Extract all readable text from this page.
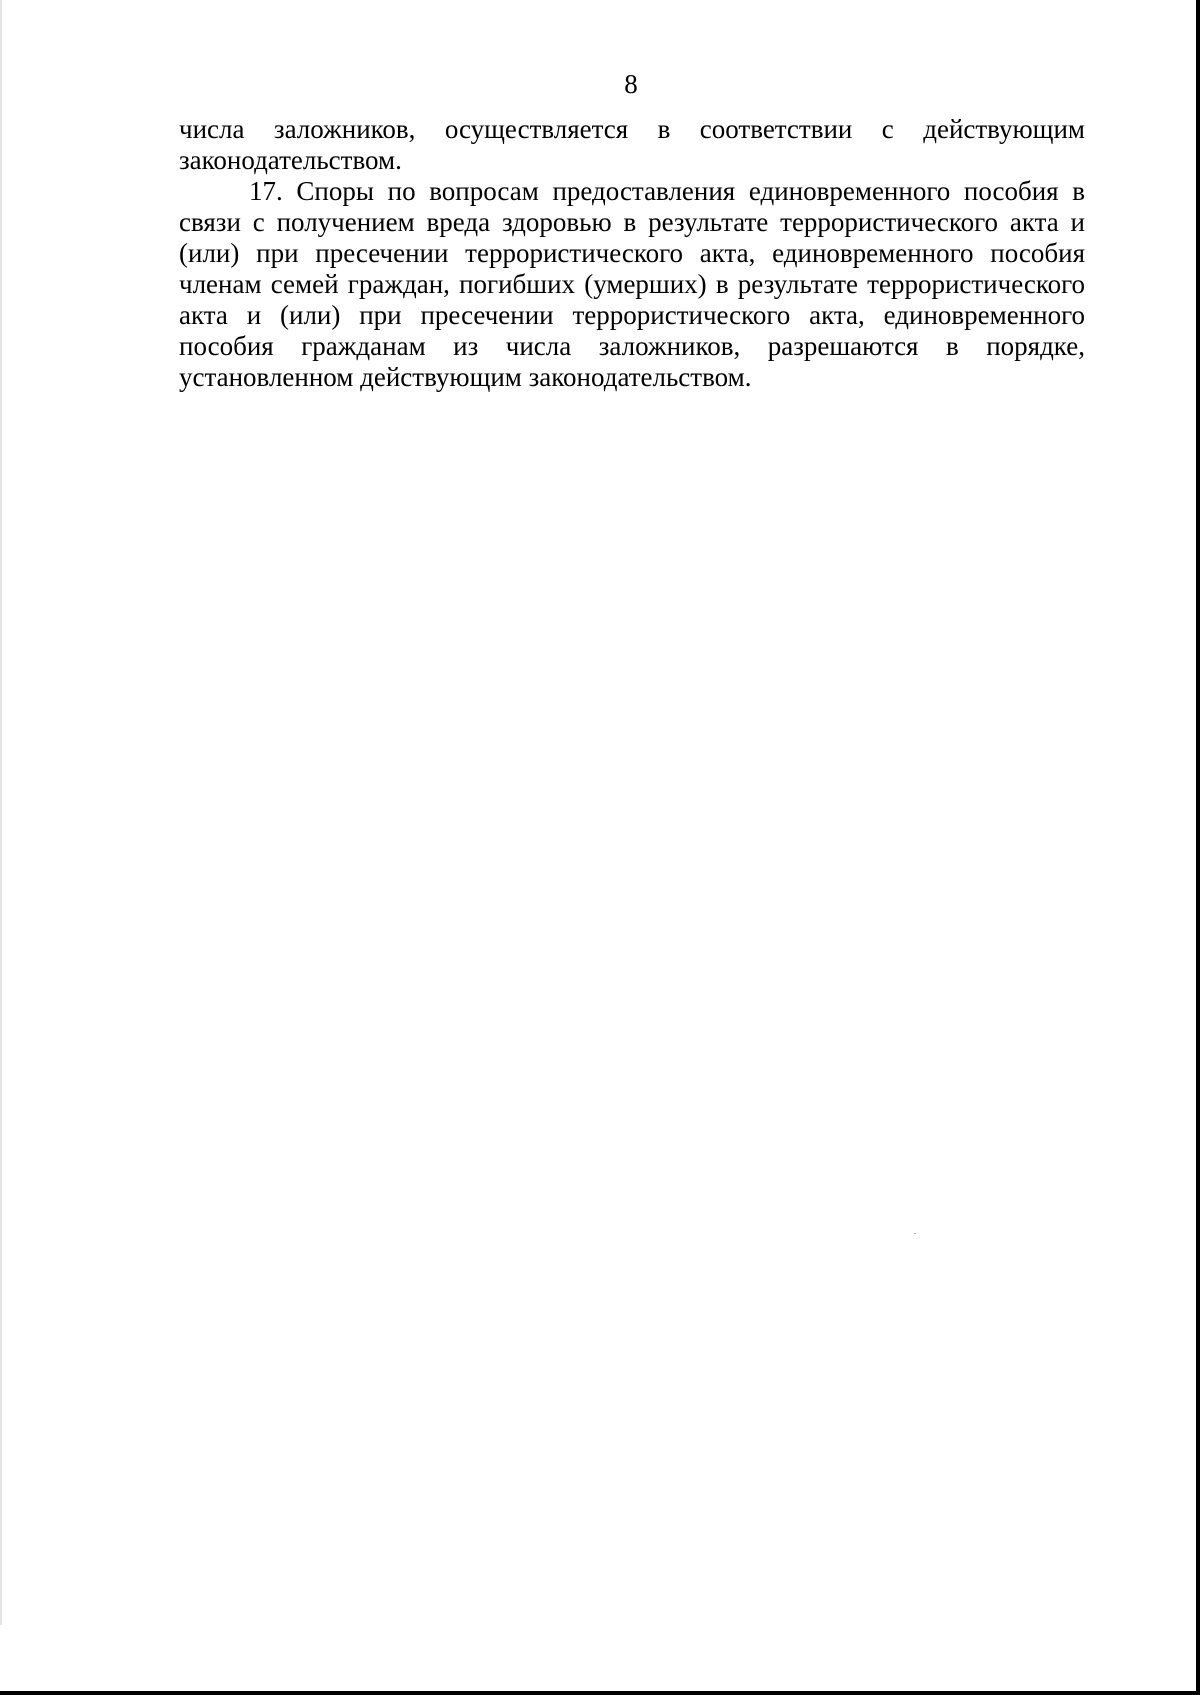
8
числа заложников, осуществляется в соответствии с действующим
законодательством.
17. Споры по вопросам предоставления единовременного пособия в
связи с получением вреда здоровью в результате террористического акта и
(или) при пресечении террористического акта, единовременного пособия
членам семей граждан, погибших (умерших) в результате террористического
акта и (или) при пресечении террористического акта, единовременного
пособия гражданам из числа заложников, разрешаются в порядке,
установленном действующим законодательством.
